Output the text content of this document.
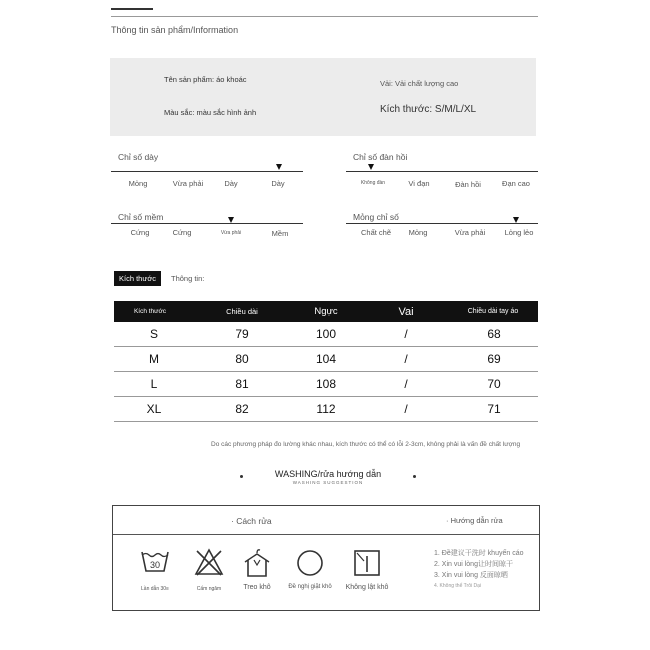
Thông tin sản phẩm/Information
Tên sản phẩm: áo khoác
Màu sắc: màu sắc hình ảnh
Vải: Vải chất lượng cao
Kích thước: S/M/L/XL
Chỉ số dày
Mỏng	Vừa phải	Dày	Dày
Chỉ số đàn hồi
Không đàn	Vi đạn	Đàn hồi	Đạn cao
Chỉ số mềm
Cứng	Cứng	Vừa phải	Mềm
Mỏng chỉ số
Chất chẽ Mỏng	Vừa phải	Lỏng lẻo
Kích thước	Thông tin:
Kích thước	Chiều dài	Ngực	Vai	Chiều dài tay áo
S	79	100	/	68
M	80	104	/	69
L	81	108	/	70
XL	82	112	/	71
Do các phương pháp đo lường khác nhau, kích thước có thể có lỗi 2-3cm, không phải là vấn đề chất lượng
WASHING/rửa hướng dẫn
WASHING SUGGESTION
· Cách rửa	· Hướng dẫn rửa
30
Lần dẫn 30≡	Cấm ngâm	Treo khô	Đề nghị giặt khô Không lật khô
1. Đề建议干洗时 khuyến cáo
2. Xin vui lòng让时间晾干
3. Xin vui lòng 反面晾晒
4. Không thể Trôi Dại
